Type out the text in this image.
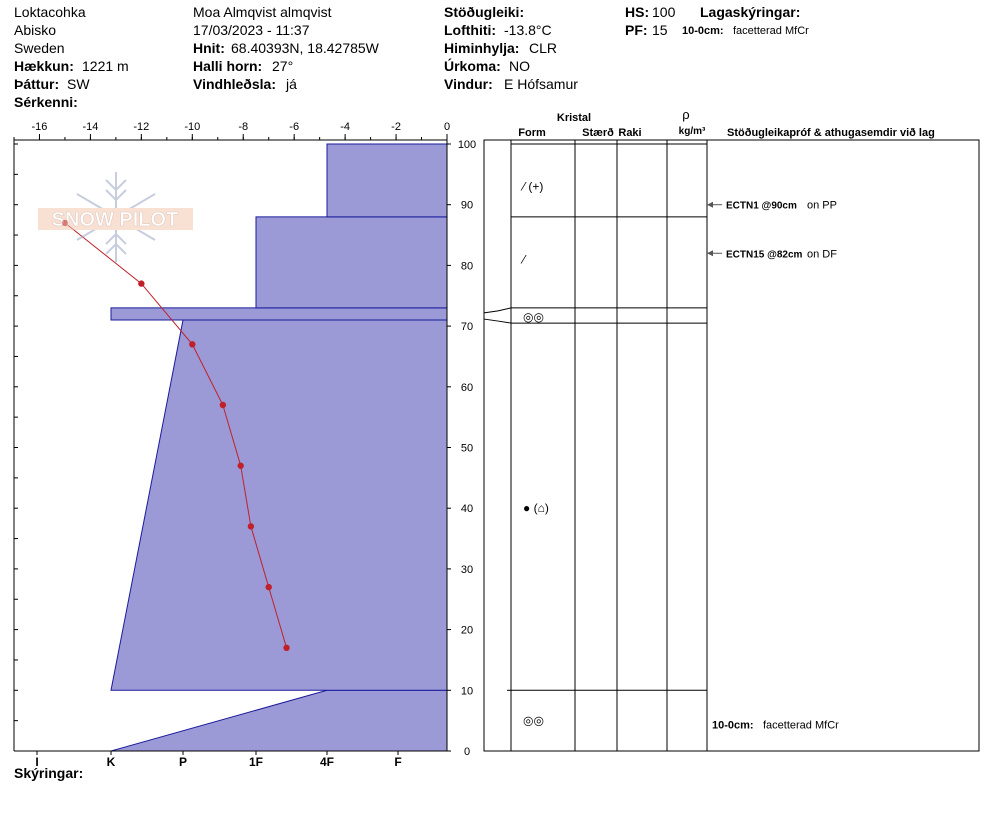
Loktacohka
Abisko
Sweden
Hækkun: 1221 m
Þáttur: SW
Sérkenni:
Moa Almqvist almqvist
17/03/2023 - 11:37
Hnit: 68.40393N, 18.42785W
Halli horn: 27°
Vindhleðsla: já
Stöðugleiki:
Lofthiti: -13.8°C
Himinhylja: CLR
Úrkoma: NO
Vindur: E Hófsamur
HS: 100
PF: 15
Lagaskýringar:
10-0cm: facetterad MfCr
-16	-14	-12	-10	-8	-6	-4	-2	0
0
10
20
30
40
50
60
70
80
90
100
I	K	P	1F	4F	F
SNOW PILOT
Kristal
Form	Stærð Raki
ρ
kg/m³ Stöðugleikapróf & athugasemdir við lag
⁄ (+)
⁄
◎◎
● (⌂)
◎◎
ECTN1 @90cm on PP
ECTN15 @82cm on DF
10-0cm: facetterad MfCr
Skýringar:
